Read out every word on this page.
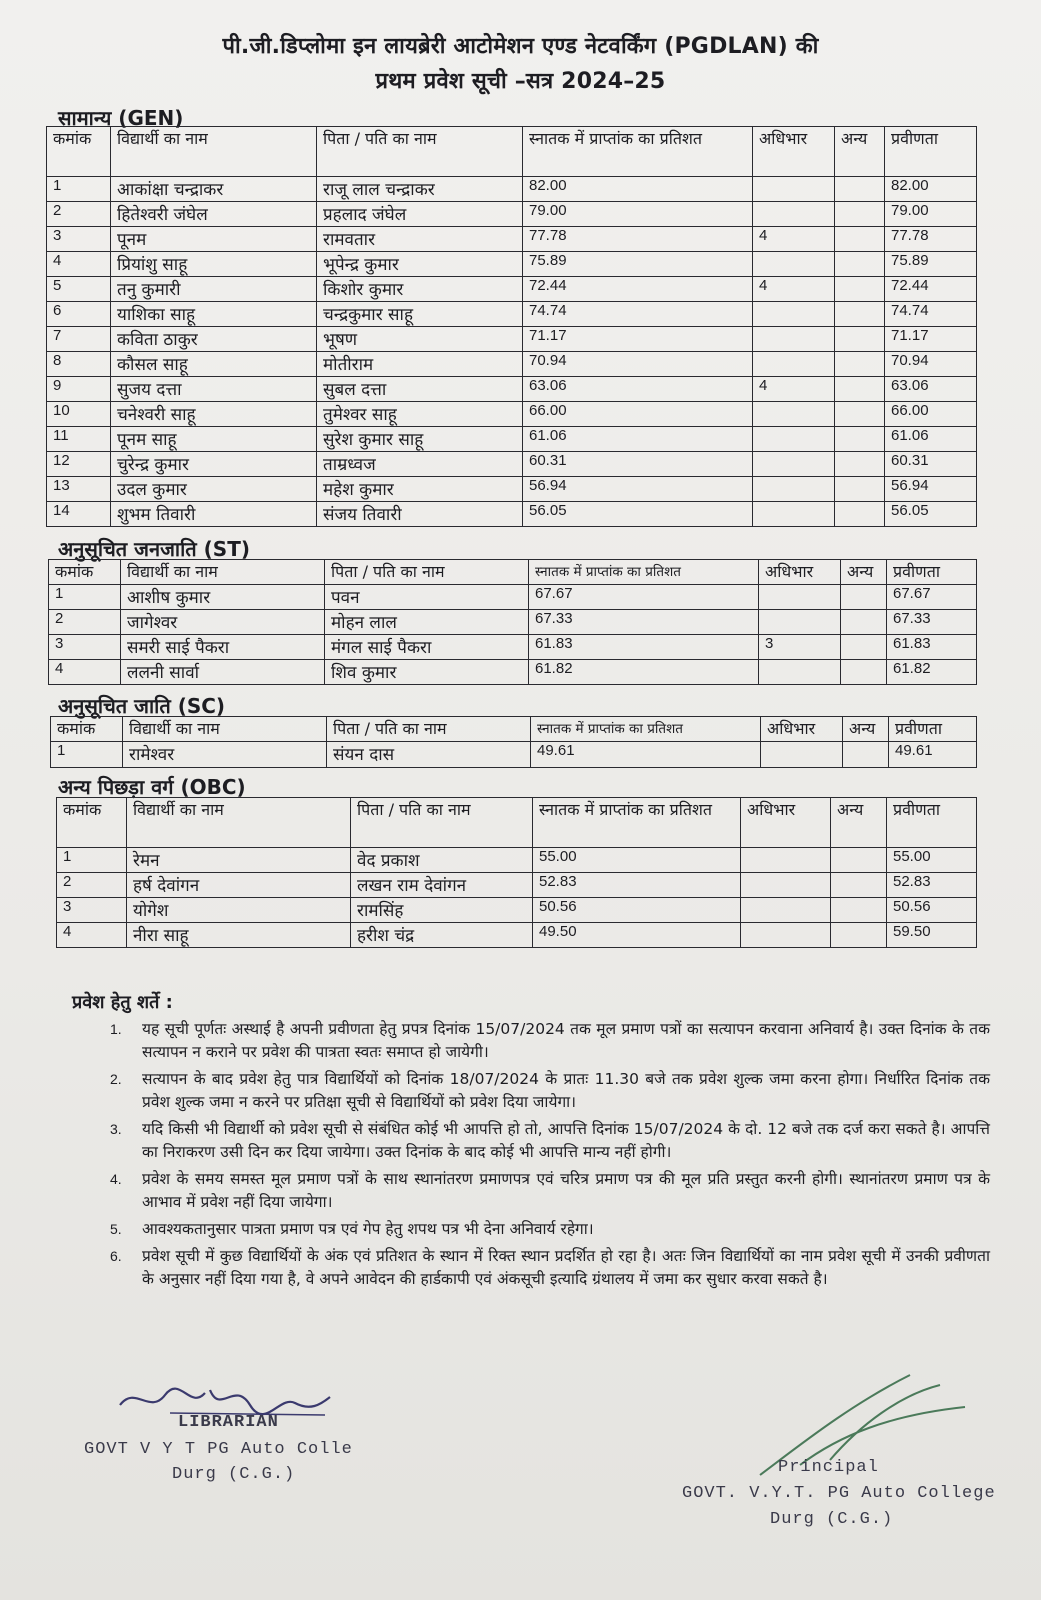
पी.जी.डिप्लोमा इन लायब्रेरी आटोमेशन एण्ड नेटवर्किंग (PGDLAN) की
प्रथम प्रवेश सूची –सत्र 2024–25
सामान्य (GEN)
कमांक	विद्यार्थी का नाम	पिता / पति का नाम	स्नातक में प्राप्तांक का प्रतिशत	अधिभार	अन्य	प्रवीणता
1	आकांक्षा चन्द्राकर	राजू लाल चन्द्राकर	82.00			82.00
2	हितेश्वरी जंघेल	प्रहलाद जंघेल	79.00			79.00
3	पूनम	रामवतार	77.78	4		77.78
4	प्रियांशु साहू	भूपेन्द्र कुमार	75.89			75.89
5	तनु कुमारी	किशोर कुमार	72.44	4		72.44
6	याशिका साहू	चन्द्रकुमार साहू	74.74			74.74
7	कविता ठाकुर	भूषण	71.17			71.17
8	कौसल साहू	मोतीराम	70.94			70.94
9	सुजय दत्ता	सुबल दत्ता	63.06	4		63.06
10	चनेश्वरी साहू	तुमेश्वर साहू	66.00			66.00
11	पूनम साहू	सुरेश कुमार साहू	61.06			61.06
12	चुरेन्द्र कुमार	ताम्रध्वज	60.31			60.31
13	उदल कुमार	महेश कुमार	56.94			56.94
14	शुभम तिवारी	संजय तिवारी	56.05			56.05
अनुसूचित जनजाति (ST)
कमांक	विद्यार्थी का नाम	पिता / पति का नाम	स्नातक में प्राप्तांक का प्रतिशत	अधिभार	अन्य	प्रवीणता
1	आशीष कुमार	पवन	67.67			67.67
2	जागेश्वर	मोहन लाल	67.33			67.33
3	समरी साई पैकरा	मंगल साई पैकरा	61.83	3		61.83
4	ललनी सार्वा	शिव कुमार	61.82			61.82
अनुसूचित जाति (SC)
कमांक	विद्यार्थी का नाम	पिता / पति का नाम	स्नातक में प्राप्तांक का प्रतिशत	अधिभार	अन्य	प्रवीणता
1	रामेश्वर	संयन दास	49.61			49.61
अन्य पिछड़ा वर्ग (OBC)
कमांक	विद्यार्थी का नाम	पिता / पति का नाम	स्नातक में प्राप्तांक का प्रतिशत	अधिभार	अन्य	प्रवीणता
1	रेमन	वेद प्रकाश	55.00			55.00
2	हर्ष देवांगन	लखन राम देवांगन	52.83			52.83
3	योगेश	रामसिंह	50.56			50.56
4	नीरा साहू	हरीश चंद्र	49.50			59.50
प्रवेश हेतु शर्ते :
1. यह सूची पूर्णतः अस्थाई है अपनी प्रवीणता हेतु प्रपत्र दिनांक 15/07/2024 तक मूल प्रमाण पत्रों का सत्यापन करवाना अनिवार्य है। उक्त दिनांक के तक सत्यापन न कराने पर प्रवेश की पात्रता स्वतः समाप्त हो जायेगी।
2. सत्यापन के बाद प्रवेश हेतु पात्र विद्यार्थियों को दिनांक 18/07/2024 के प्रातः 11.30 बजे तक प्रवेश शुल्क जमा करना होगा। निर्धारित दिनांक तक प्रवेश शुल्क जमा न करने पर प्रतिक्षा सूची से विद्यार्थियों को प्रवेश दिया जायेगा।
3. यदि किसी भी विद्यार्थी को प्रवेश सूची से संबंधित कोई भी आपत्ति हो तो, आपत्ति दिनांक 15/07/2024 के दो. 12 बजे तक दर्ज करा सकते है। आपत्ति का निराकरण उसी दिन कर दिया जायेगा। उक्त दिनांक के बाद कोई भी आपत्ति मान्य नहीं होगी।
4. प्रवेश के समय समस्त मूल प्रमाण पत्रों के साथ स्थानांतरण प्रमाणपत्र एवं चरित्र प्रमाण पत्र की मूल प्रति प्रस्तुत करनी होगी। स्थानांतरण प्रमाण पत्र के आभाव में प्रवेश नहीं दिया जायेगा।
5. आवश्यकतानुसार पात्रता प्रमाण पत्र एवं गेप हेतु शपथ पत्र भी देना अनिवार्य रहेगा।
6. प्रवेश सूची में कुछ विद्यार्थियों के अंक एवं प्रतिशत के स्थान में रिक्त स्थान प्रदर्शित हो रहा है। अतः जिन विद्यार्थियों का नाम प्रवेश सूची में उनकी प्रवीणता के अनुसार नहीं दिया गया है, वे अपने आवेदन की हार्डकापी एवं अंकसूची इत्यादि ग्रंथालय में जमा कर सुधार करवा सकते है।
LIBRARIAN
GOVT V Y T PG Auto Colle
Durg (C.G.)	Principal
GOVT. V.Y.T. PG Auto College
Durg (C.G.)
